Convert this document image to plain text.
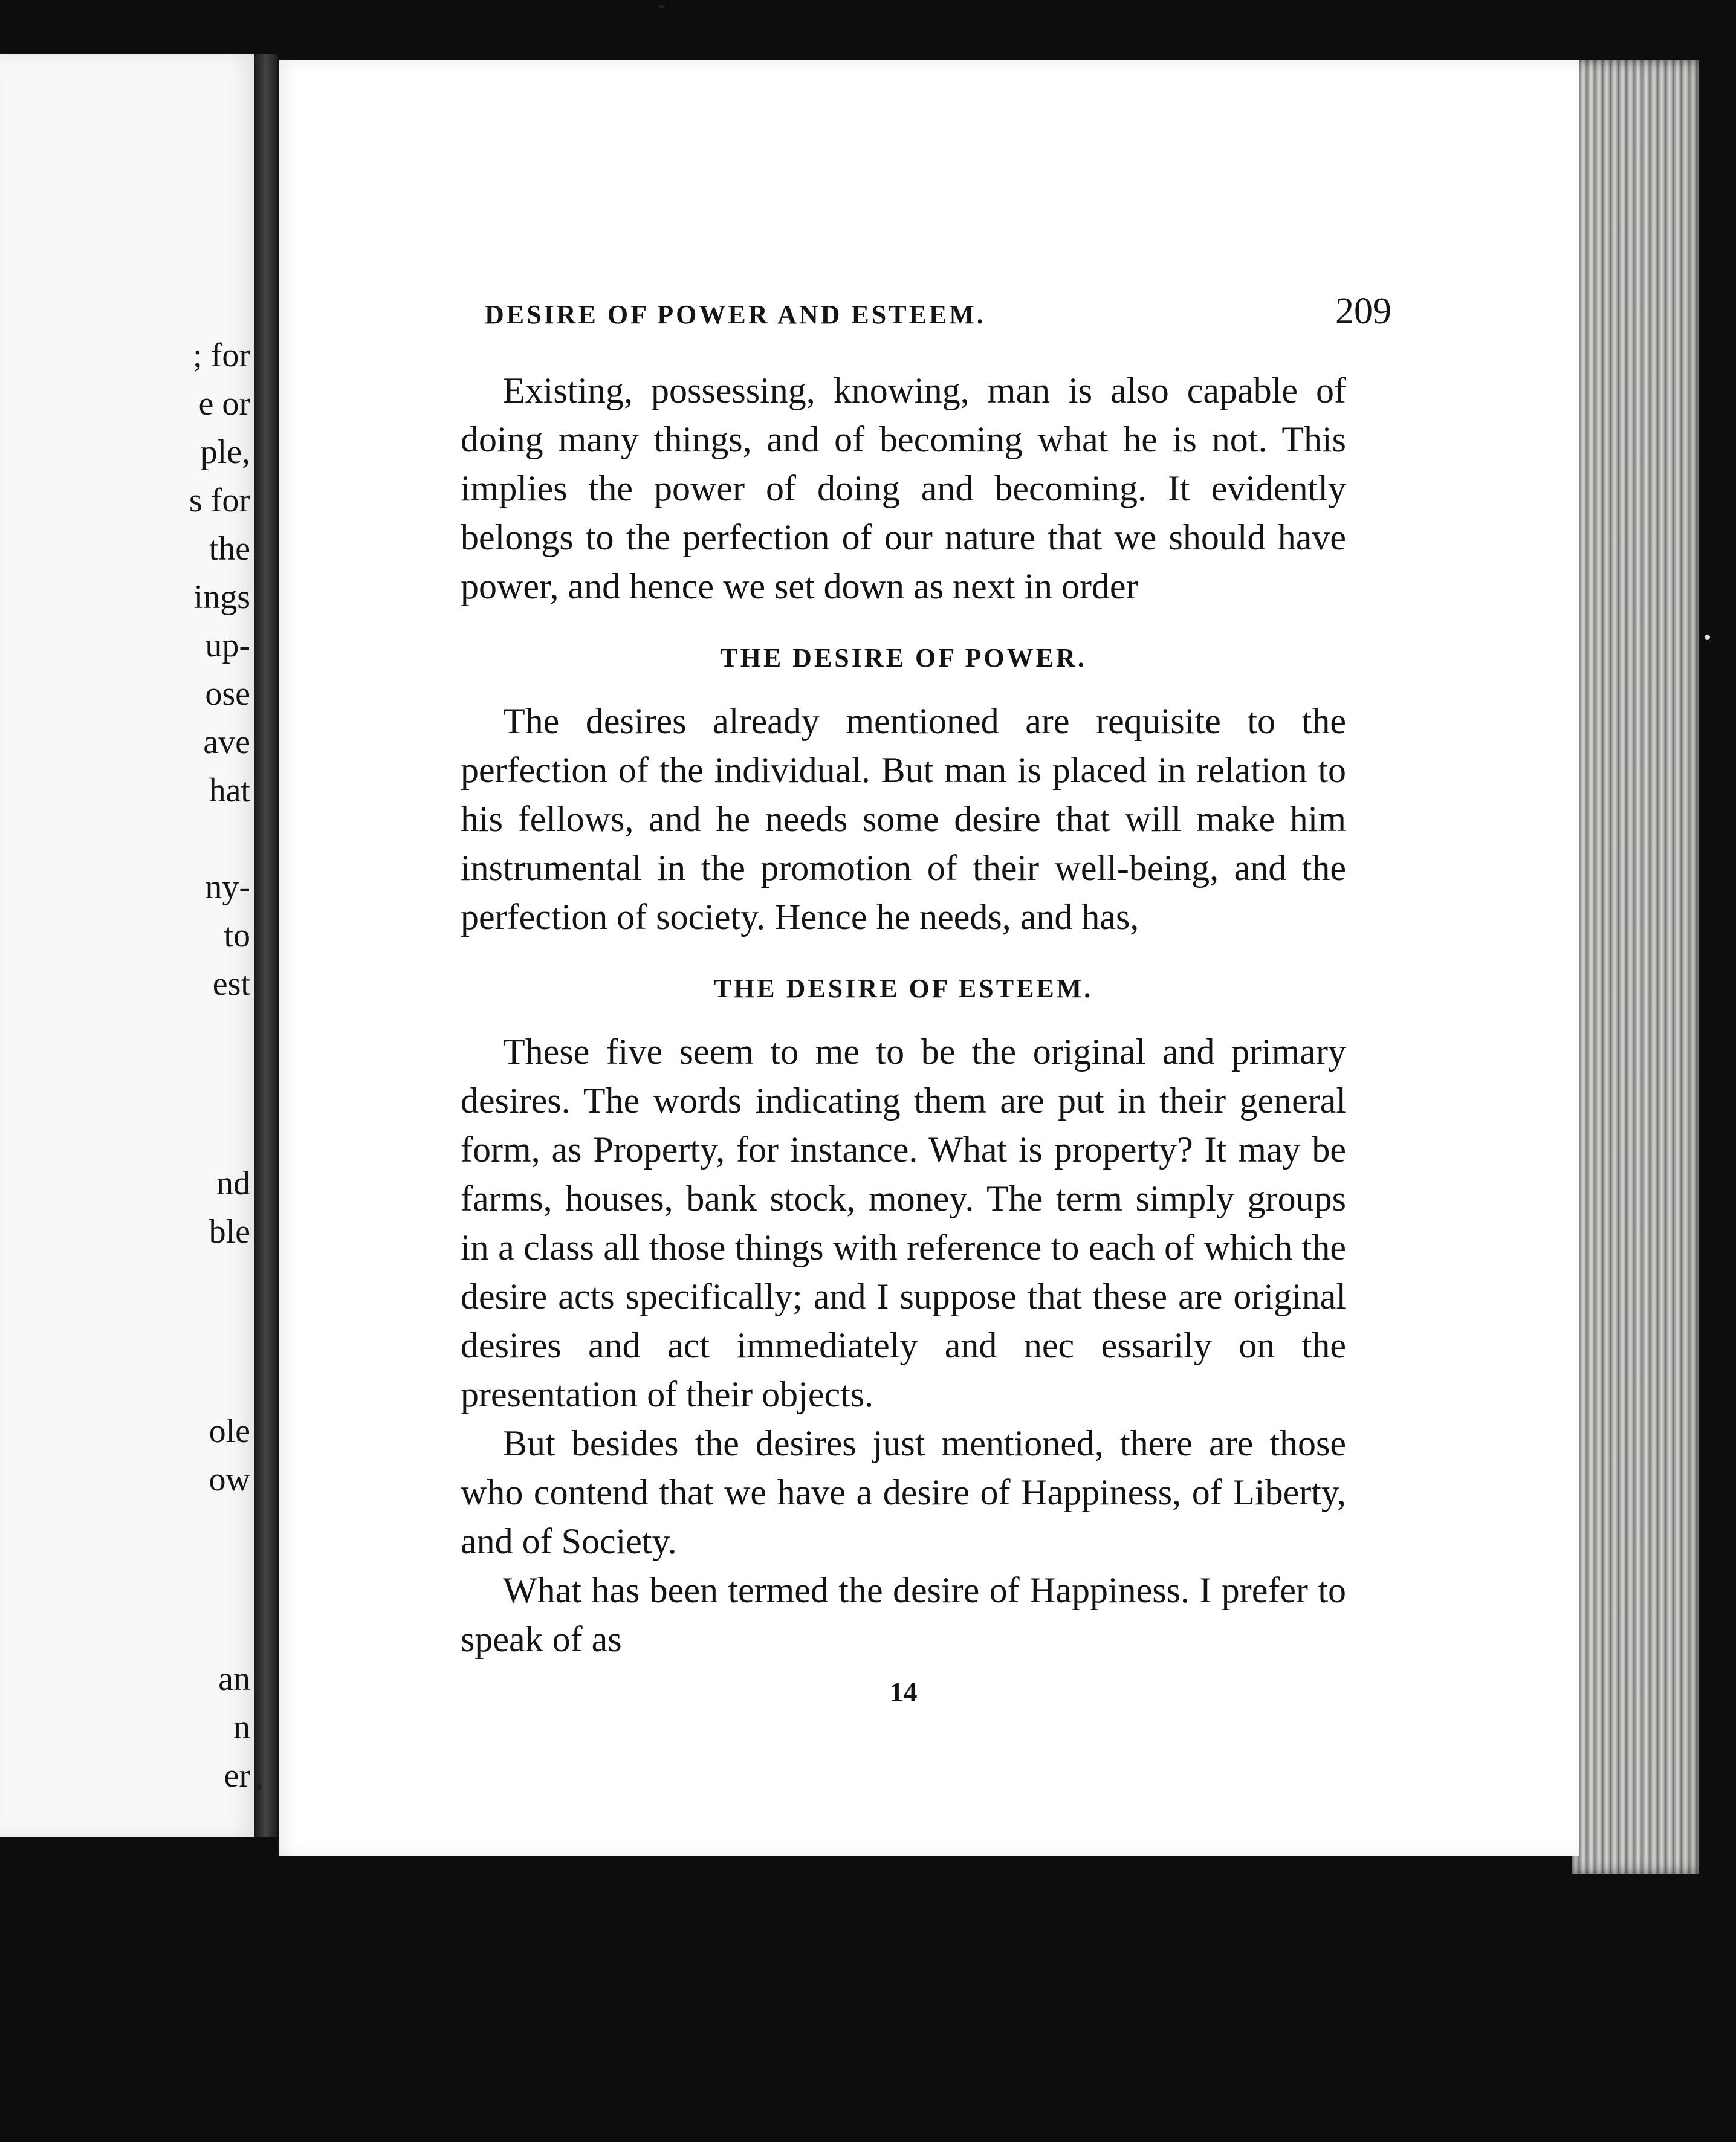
; for
e or
ple,
s for
the
ings
up-
ose
ave
hat
ny-
to
est
nd
ble
ole
ow
an
n
er
DESIRE OF POWER AND ESTEEM.	209

Existing, possessing, knowing, man is also capable of doing many things, and of becoming what he is not. This implies the power of doing and becoming. It evidently belongs to the perfection of our nature that we should have power, and hence we set down as next in order

THE DESIRE OF POWER.

The desires already mentioned are requisite to the perfection of the individual. But man is placed in relation to his fellows, and he needs some desire that will make him instrumental in the promotion of their well-being, and the perfection of society. Hence he needs, and has,

THE DESIRE OF ESTEEM.

These five seem to me to be the original and primary desires. The words indicating them are put in their general form, as Property, for instance. What is property? It may be farms, houses, bank stock, money. The term simply groups in a class all those things with reference to each of which the desire acts specifically; and I suppose that these are original desires and act immediately and nec essarily on the presentation of their objects.

But besides the desires just mentioned, there are those who contend that we have a desire of Happiness, of Liberty, and of Society.

What has been termed the desire of Happiness. I prefer to speak of as

14
